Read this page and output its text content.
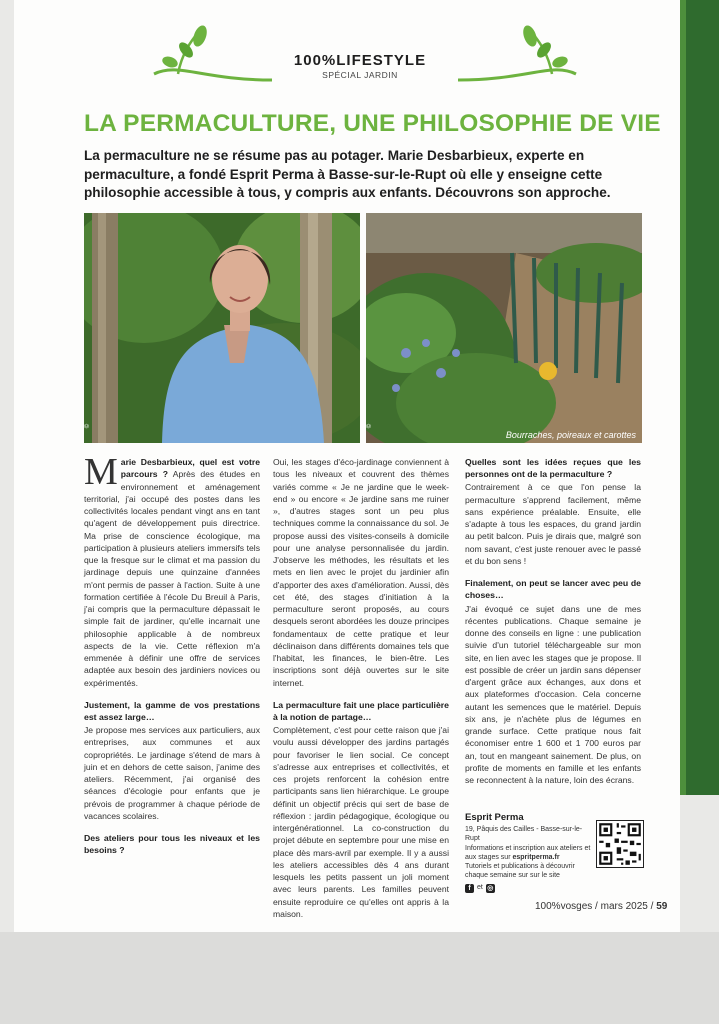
100%LIFESTYLE
SPÉCIAL JARDIN
LA PERMACULTURE, UNE PHILOSOPHIE DE VIE

La permaculture ne se résume pas au potager. Marie Desbarbieux, experte en permaculture, a fondé Esprit Perma à Basse-sur-le-Rupt où elle y enseigne cette philosophie accessible à tous, y compris aux enfants. Découvrons son approche.

©	©
Bourraches, poireaux et carottes

Marie Desbarbieux, quel est votre parcours ? Après des études en environnement et aménagement territorial, j'ai occupé des postes dans les collectivités locales pendant vingt ans en tant qu'agent de développement puis directrice. Ma prise de conscience écologique, ma participation à plusieurs ateliers immersifs tels que la fresque sur le climat et ma passion du jardinage depuis une quinzaine d'années m'ont permis de passer à l'action. Suite à une formation certifiée à l'école Du Breuil à Paris, j'ai compris que la permaculture dépassait le simple fait de jardiner, qu'elle incarnait une philosophie applicable à de nombreux aspects de la vie. Cette réflexion m'a emmenée à définir une offre de services adaptée aux besoin des jardiniers novices ou expérimentés.

Justement, la gamme de vos prestations est assez large…

Je propose mes services aux particuliers, aux entreprises, aux communes et aux copropriétés. Le jardinage s'étend de mars à juin et en dehors de cette saison, j'anime des ateliers. Récemment, j'ai organisé des séances d'écologie pour enfants que je prévois de programmer à chaque période de vacances scolaires.

Des ateliers pour tous les niveaux et les besoins ?

Oui, les stages d'éco-jardinage conviennent à tous les niveaux et couvrent des thèmes variés comme « Je ne jardine que le week-end » ou encore « Je jardine sans me ruiner », d'autres stages sont un peu plus techniques comme la connaissance du sol. Je propose aussi des visites-conseils à domicile pour une analyse personnalisée du jardin. J'observe les méthodes, les résultats et les mets en lien avec le projet du jardinier afin d'apporter des axes d'amélioration. Aussi, dès cet été, des stages d'initiation à la permaculture seront proposés, au cours desquels seront abordées les douze principes fondamentaux de cette pratique et leur déclinaison dans différents domaines tels que l'habitat, les finances, le bien-être. Les inscriptions sont déjà ouvertes sur le site internet.

La permaculture fait une place particulière à la notion de partage…

Complètement, c'est pour cette raison que j'ai voulu aussi développer des jardins partagés pour favoriser le lien social. Ce concept s'adresse aux entreprises et collectivités, et ces projets renforcent la cohésion entre participants sans lien hiérarchique. Le groupe définit un objectif précis qui sert de base de réflexion : jardin pédagogique, écologique ou intergénérationnel. La co-construction du projet débute en septembre pour une mise en place dès mars-avril par exemple. Il y a aussi les ateliers accessibles dès 4 ans durant lesquels les petits passent un joli moment avec leurs parents. Les familles peuvent ensuite reproduire ce qu'elles ont appris à la maison.

Quelles sont les idées reçues que les personnes ont de la permaculture ?

Contrairement à ce que l'on pense la permaculture s'apprend facilement, même sans expérience préalable. Ensuite, elle s'adapte à tous les espaces, du grand jardin au petit balcon. Puis je dirais que, malgré son nom savant, c'est juste renouer avec le passé et du bon sens !

Finalement, on peut se lancer avec peu de choses…

J'ai évoqué ce sujet dans une de mes récentes publications. Chaque semaine je donne des conseils en ligne : une publication suivie d'un tutoriel téléchargeable sur mon site, en lien avec les stages que je propose. Il est possible de créer un jardin sans dépenser d'argent grâce aux échanges, aux dons et aux plateformes d'occasion. Cela concerne autant les semences que le matériel. Depuis six ans, je n'achète plus de légumes en grande surface. Cette pratique nous fait économiser entre 1 600 et 1 700 euros par an, tout en mangeant sainement. De plus, on profite de moments en famille et les enfants se reconnectent à la nature, loin des écrans.

Esprit Perma
19, Pâquis des Cailles - Basse-sur-le-Rupt
Informations et inscription aux ateliers et aux stages sur espritperma.fr
Tutoriels et publications à découvrir chaque semaine sur sur le site
f et ◎
100%vosges / mars 2025 / 59
